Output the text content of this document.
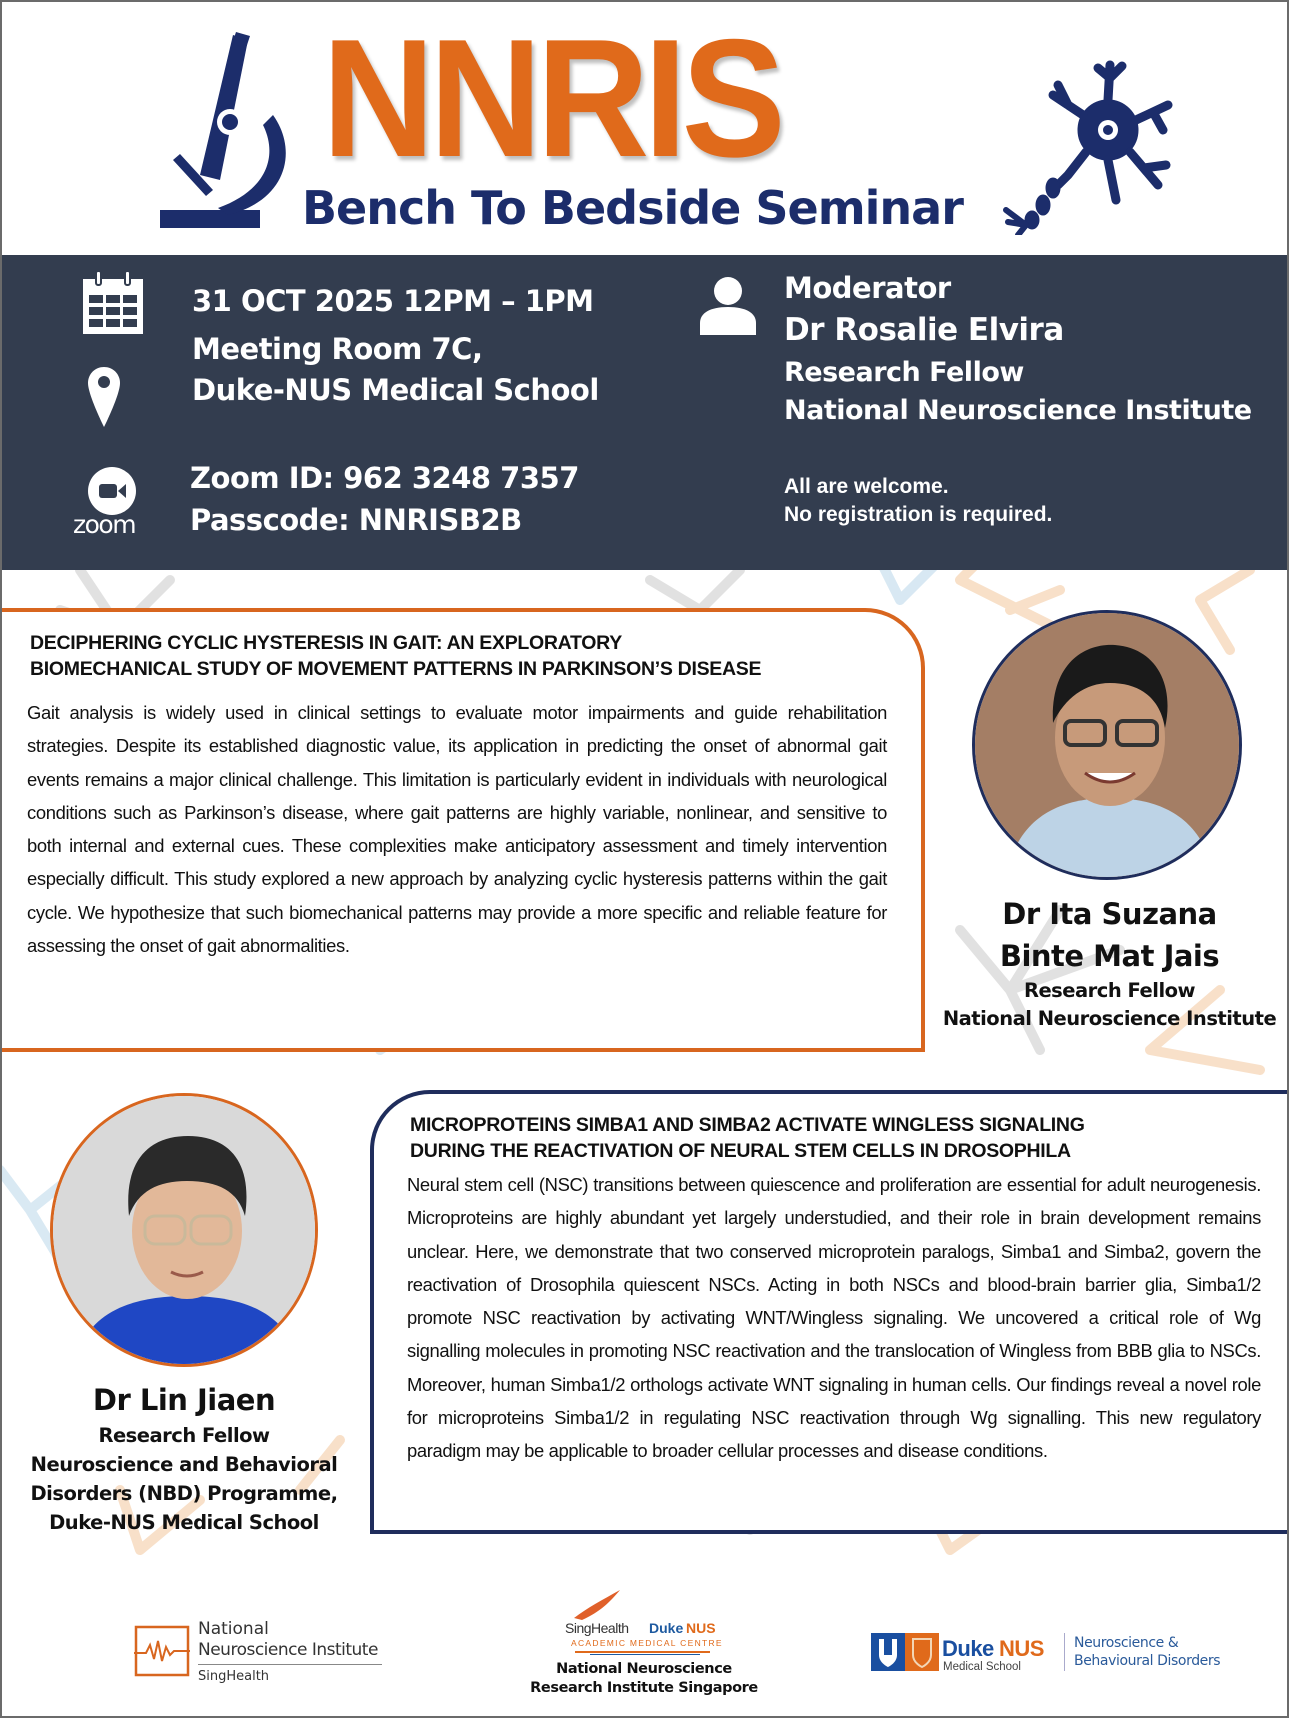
NNRIS
Bench To Bedside Seminar
31 OCT 2025 12PM – 1PM
Meeting Room 7C,
Duke-NUS Medical School
zoom
Zoom ID: 962 3248 7357
Passcode: NNRISB2B
Moderator
Dr Rosalie Elvira
Research Fellow
National Neuroscience Institute
All are welcome.
No registration is required.
DECIPHERING CYCLIC HYSTERESIS IN GAIT: AN EXPLORATORY
BIOMECHANICAL STUDY OF MOVEMENT PATTERNS IN PARKINSON’S DISEASE
Gait analysis is widely used in clinical settings to evaluate motor impairments and guide rehabilitation strategies. Despite its established diagnostic value, its application in predicting the onset of abnormal gait events remains a major clinical challenge. This limitation is particularly evident in individuals with neurological conditions such as Parkinson’s disease, where gait patterns are highly variable, nonlinear, and sensitive to both internal and external cues. These complexities make anticipatory assessment and timely intervention especially difficult. This study explored a new approach by analyzing cyclic hysteresis patterns within the gait cycle. We hypothesize that such biomechanical patterns may provide a more specific and reliable feature for assessing the onset of gait abnormalities.
Dr Ita Suzana
Binte Mat Jais
Research Fellow
National Neuroscience Institute
Dr Lin Jiaen
Research Fellow
Neuroscience and Behavioral
Disorders (NBD) Programme,
Duke-NUS Medical School
MICROPROTEINS SIMBA1 AND SIMBA2 ACTIVATE WINGLESS SIGNALING
DURING THE REACTIVATION OF NEURAL STEM CELLS IN DROSOPHILA
Neural stem cell (NSC) transitions between quiescence and proliferation are essential for adult neurogenesis. Microproteins are highly abundant yet largely understudied, and their role in brain development remains unclear. Here, we demonstrate that two conserved microprotein paralogs, Simba1 and Simba2, govern the reactivation of Drosophila quiescent NSCs. Acting in both NSCs and blood-brain barrier glia, Simba1/2 promote NSC reactivation by activating WNT/Wingless signaling. We uncovered a critical role of Wg signalling molecules in promoting NSC reactivation and the translocation of Wingless from BBB glia to NSCs. Moreover, human Simba1/2 orthologs activate WNT signaling in human cells. Our findings reveal a novel role for microproteins Simba1/2 in regulating NSC reactivation through Wg signalling. This new regulatory paradigm may be applicable to broader cellular processes and disease conditions.
National
Neuroscience Institute
SingHealth
SingHealth Duke NUS
ACADEMIC MEDICAL CENTRE
National Neuroscience
Research Institute Singapore
Duke NUS
Medical School
Neuroscience &
Behavioural Disorders
